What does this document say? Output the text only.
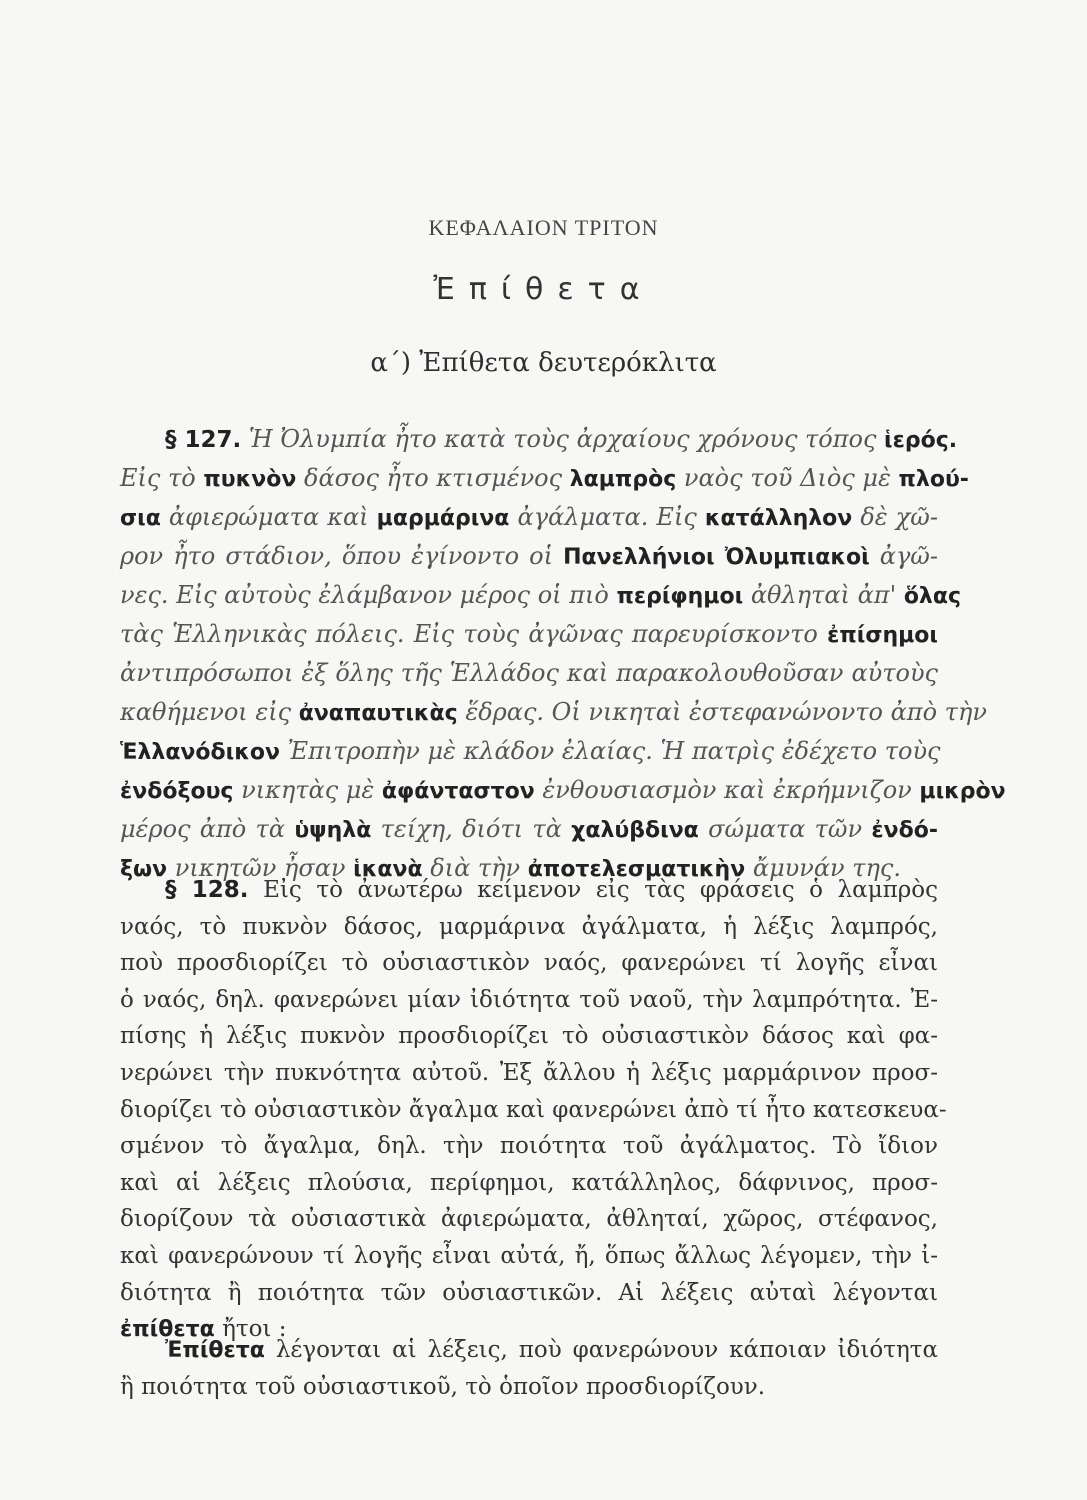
ΚΕΦΑΛΑΙΟΝ ΤΡΙΤΟΝ
Ἐπίθετα
α΄) Ἐπίθετα δευτερόκλιτα
§ 127. Ἡ Ὀλυμπία ἦτο κατὰ τοὺς ἀρχαίους χρόνους τόπος ἱερός.
Εἰς τὸ πυκνὸν δάσος ἦτο κτισμένος λαμπρὸς ναὸς τοῦ Διὸς μὲ πλού-
σια ἀφιερώματα καὶ μαρμάρινα ἀγάλματα. Εἰς κατάλληλον δὲ χῶ-
ρον ἦτο στάδιον, ὅπου ἐγίνοντο οἱ Πανελλήνιοι Ὀλυμπιακοὶ ἀγῶ-
νες. Εἰς αὐτοὺς ἐλάμβανον μέρος οἱ πιὸ περίφημοι ἀθληταὶ ἀπ' ὅλας
τὰς Ἑλληνικὰς πόλεις. Εἰς τοὺς ἀγῶνας παρευρίσκοντο ἐπίσημοι
ἀντιπρόσωποι ἐξ ὅλης τῆς Ἑλλάδος καὶ παρακολουθοῦσαν αὐτοὺς
καθήμενοι εἰς ἀναπαυτικὰς ἕδρας. Οἱ νικηταὶ ἐστεφανώνοντο ἀπὸ τὴν
Ἑλλανόδικον Ἐπιτροπὴν μὲ κλάδον ἐλαίας. Ἡ πατρὶς ἐδέχετο τοὺς
ἐνδόξους νικητὰς μὲ ἀφάνταστον ἐνθουσιασμὸν καὶ ἐκρήμνιζον μικρὸν
μέρος ἀπὸ τὰ ὑψηλὰ τείχη, διότι τὰ χαλύβδινα σώματα τῶν ἐνδό-
ξων νικητῶν ἦσαν ἱκανὰ διὰ τὴν ἀποτελεσματικὴν ἄμυνάν της.
§ 128. Εἰς τὸ ἀνωτέρω κείμενον εἰς τὰς φράσεις ὁ λαμπρὸς
ναός, τὸ πυκνὸν δάσος, μαρμάρινα ἀγάλματα, ἡ λέξις λαμπρός,
ποὺ προσδιορίζει τὸ οὐσιαστικὸν ναός, φανερώνει τί λογῆς εἶναι
ὁ ναός, δηλ. φανερώνει μίαν ἰδιότητα τοῦ ναοῦ, τὴν λαμπρότητα. Ἐ-
πίσης ἡ λέξις πυκνὸν προσδιορίζει τὸ οὐσιαστικὸν δάσος καὶ φα-
νερώνει τὴν πυκνότητα αὐτοῦ. Ἐξ ἄλλου ἡ λέξις μαρμάρινον προσ-
διορίζει τὸ οὐσιαστικὸν ἄγαλμα καὶ φανερώνει ἀπὸ τί ἦτο κατεσκευα-
σμένον τὸ ἄγαλμα, δηλ. τὴν ποιότητα τοῦ ἀγάλματος. Τὸ ἴδιον
καὶ αἱ λέξεις πλούσια, περίφημοι, κατάλληλος, δάφνινος, προσ-
διορίζουν τὰ οὐσιαστικὰ ἀφιερώματα, ἀθληταί, χῶρος, στέφανος,
καὶ φανερώνουν τί λογῆς εἶναι αὐτά, ἤ, ὅπως ἄλλως λέγομεν, τὴν ἰ-
διότητα ἢ ποιότητα τῶν οὐσιαστικῶν. Αἱ λέξεις αὐταὶ λέγονται
ἐπίθετα ἤτοι :
Ἐπίθετα λέγονται αἱ λέξεις, ποὺ φανερώνουν κάποιαν ἰδιότητα
ἢ ποιότητα τοῦ οὐσιαστικοῦ, τὸ ὁποῖον προσδιορίζουν.
